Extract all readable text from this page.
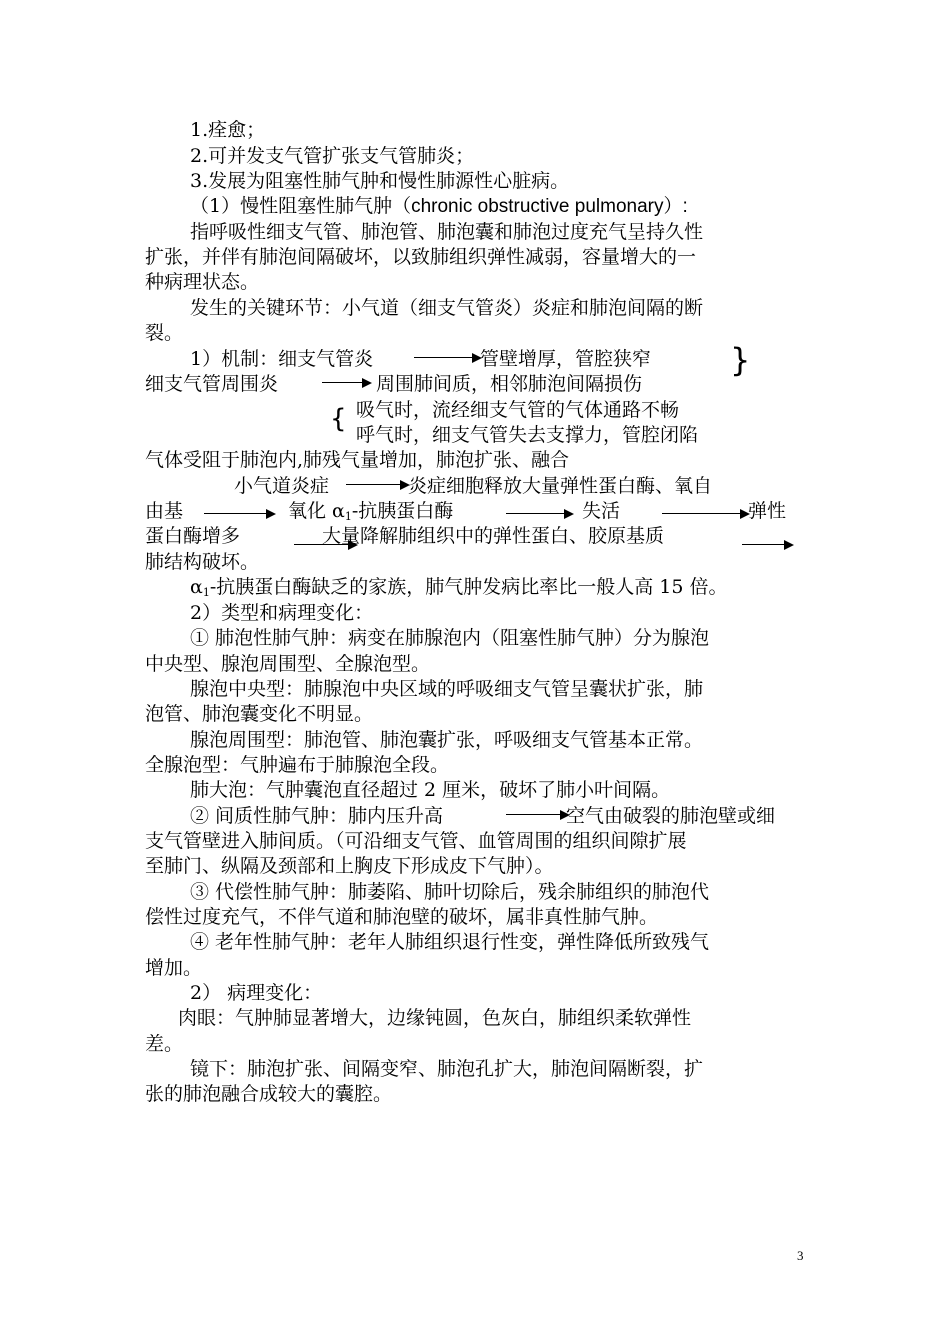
1.痊愈；
2.可并发支气管扩张支气管肺炎；
3.发展为阻塞性肺气肿和慢性肺源性心脏病。
（1）慢性阻塞性肺气肿（chronic obstructive pulmonary）:
指呼吸性细支气管、肺泡管、肺泡囊和肺泡过度充气呈持久性
扩张，并伴有肺泡间隔破坏，以致肺组织弹性减弱，容量增大的一
种病理状态。
发生的关键环节：小气道（细支气管炎）炎症和肺泡间隔的断
裂。
1）机制：细支气管炎	管壁增厚，管腔狭窄 }
细支气管周围炎	周围肺间质，相邻肺泡间隔损伤
{ 吸气时，流经细支气管的气体通路不畅
呼气时，细支气管失去支撑力，管腔闭陷
气体受阻于肺泡内,肺残气量增加，肺泡扩张、融合
小气道炎症	炎症细胞释放大量弹性蛋白酶、氧自
由基	氧化 $\alpha_1-$抗胰蛋白酶	失活	弹性
蛋白酶增多	大量降解肺组织中的弹性蛋白、胶原基质
肺结构破坏。
$\alpha_1-$抗胰蛋白酶缺乏的家族，肺气肿发病比率比一般人高 15 倍。
2）类型和病理变化：
① 肺泡性肺气肿：病变在肺腺泡内（阻塞性肺气肿）分为腺泡
中央型、腺泡周围型、全腺泡型。
腺泡中央型：肺腺泡中央区域的呼吸细支气管呈囊状扩张，肺
泡管、肺泡囊变化不明显。
腺泡周围型：肺泡管、肺泡囊扩张，呼吸细支气管基本正常。
全腺泡型：气肿遍布于肺腺泡全段。
肺大泡：气肿囊泡直径超过 2 厘米，破坏了肺小叶间隔。
② 间质性肺气肿：肺内压升高	空气由破裂的肺泡壁或细
支气管壁进入肺间质。（可沿细支气管、血管周围的组织间隙扩展
至肺门、纵隔及颈部和上胸皮下形成皮下气肿）。
③ 代偿性肺气肿：肺萎陷、肺叶切除后，残余肺组织的肺泡代
偿性过度充气，不伴气道和肺泡壁的破坏，属非真性肺气肿。
④ 老年性肺气肿：老年人肺组织退行性变，弹性降低所致残气
增加。
2） 病理变化：
肉眼：气肿肺显著增大，边缘钝圆，色灰白，肺组织柔软弹性
差。
镜下：肺泡扩张、间隔变窄、肺泡孔扩大，肺泡间隔断裂，扩
张的肺泡融合成较大的囊腔。
3
